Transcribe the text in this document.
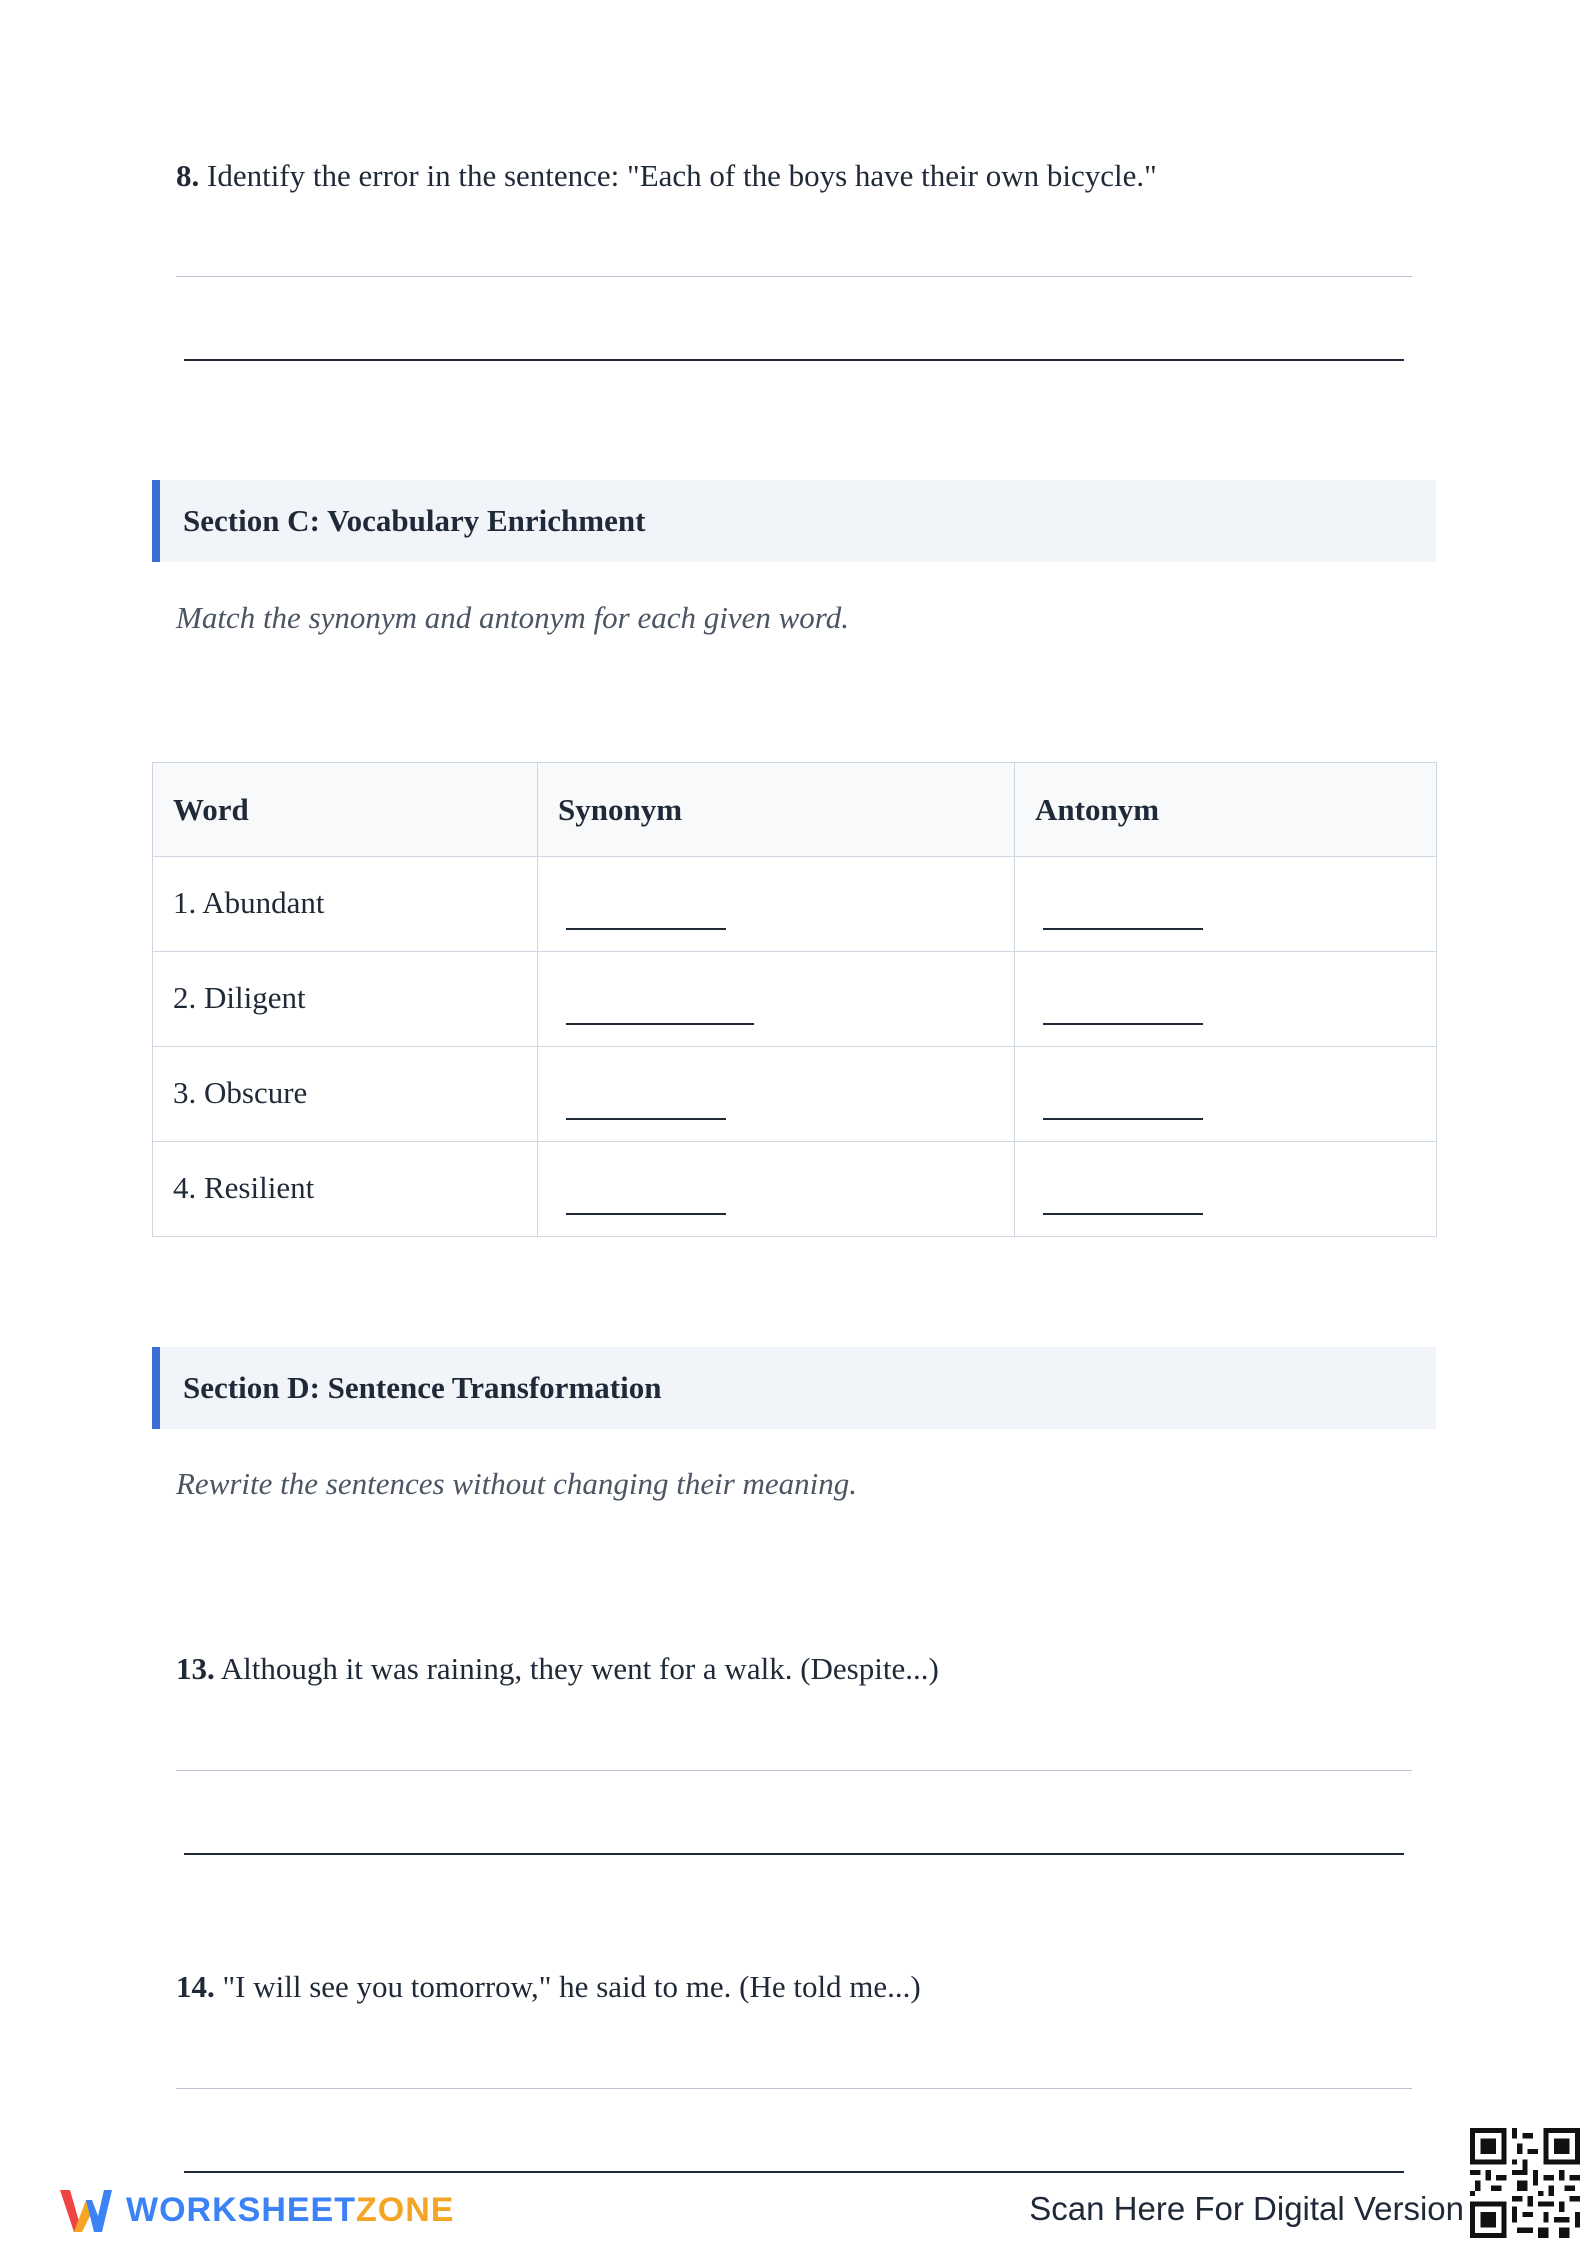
8. Identify the error in the sentence: "Each of the boys have their own bicycle."
Section C: Vocabulary Enrichment
Match the synonym and antonym for each given word.
Word	Synonym	Antonym

1. Abundant		

2. Diligent		

3. Obscure		

4. Resilient		

Section D: Sentence Transformation
Rewrite the sentences without changing their meaning.
13. Although it was raining, they went for a walk. (Despite...)
14. "I will see you tomorrow," he said to me. (He told me...)
WORKSHEET ZONE	Scan Here For Digital Version
